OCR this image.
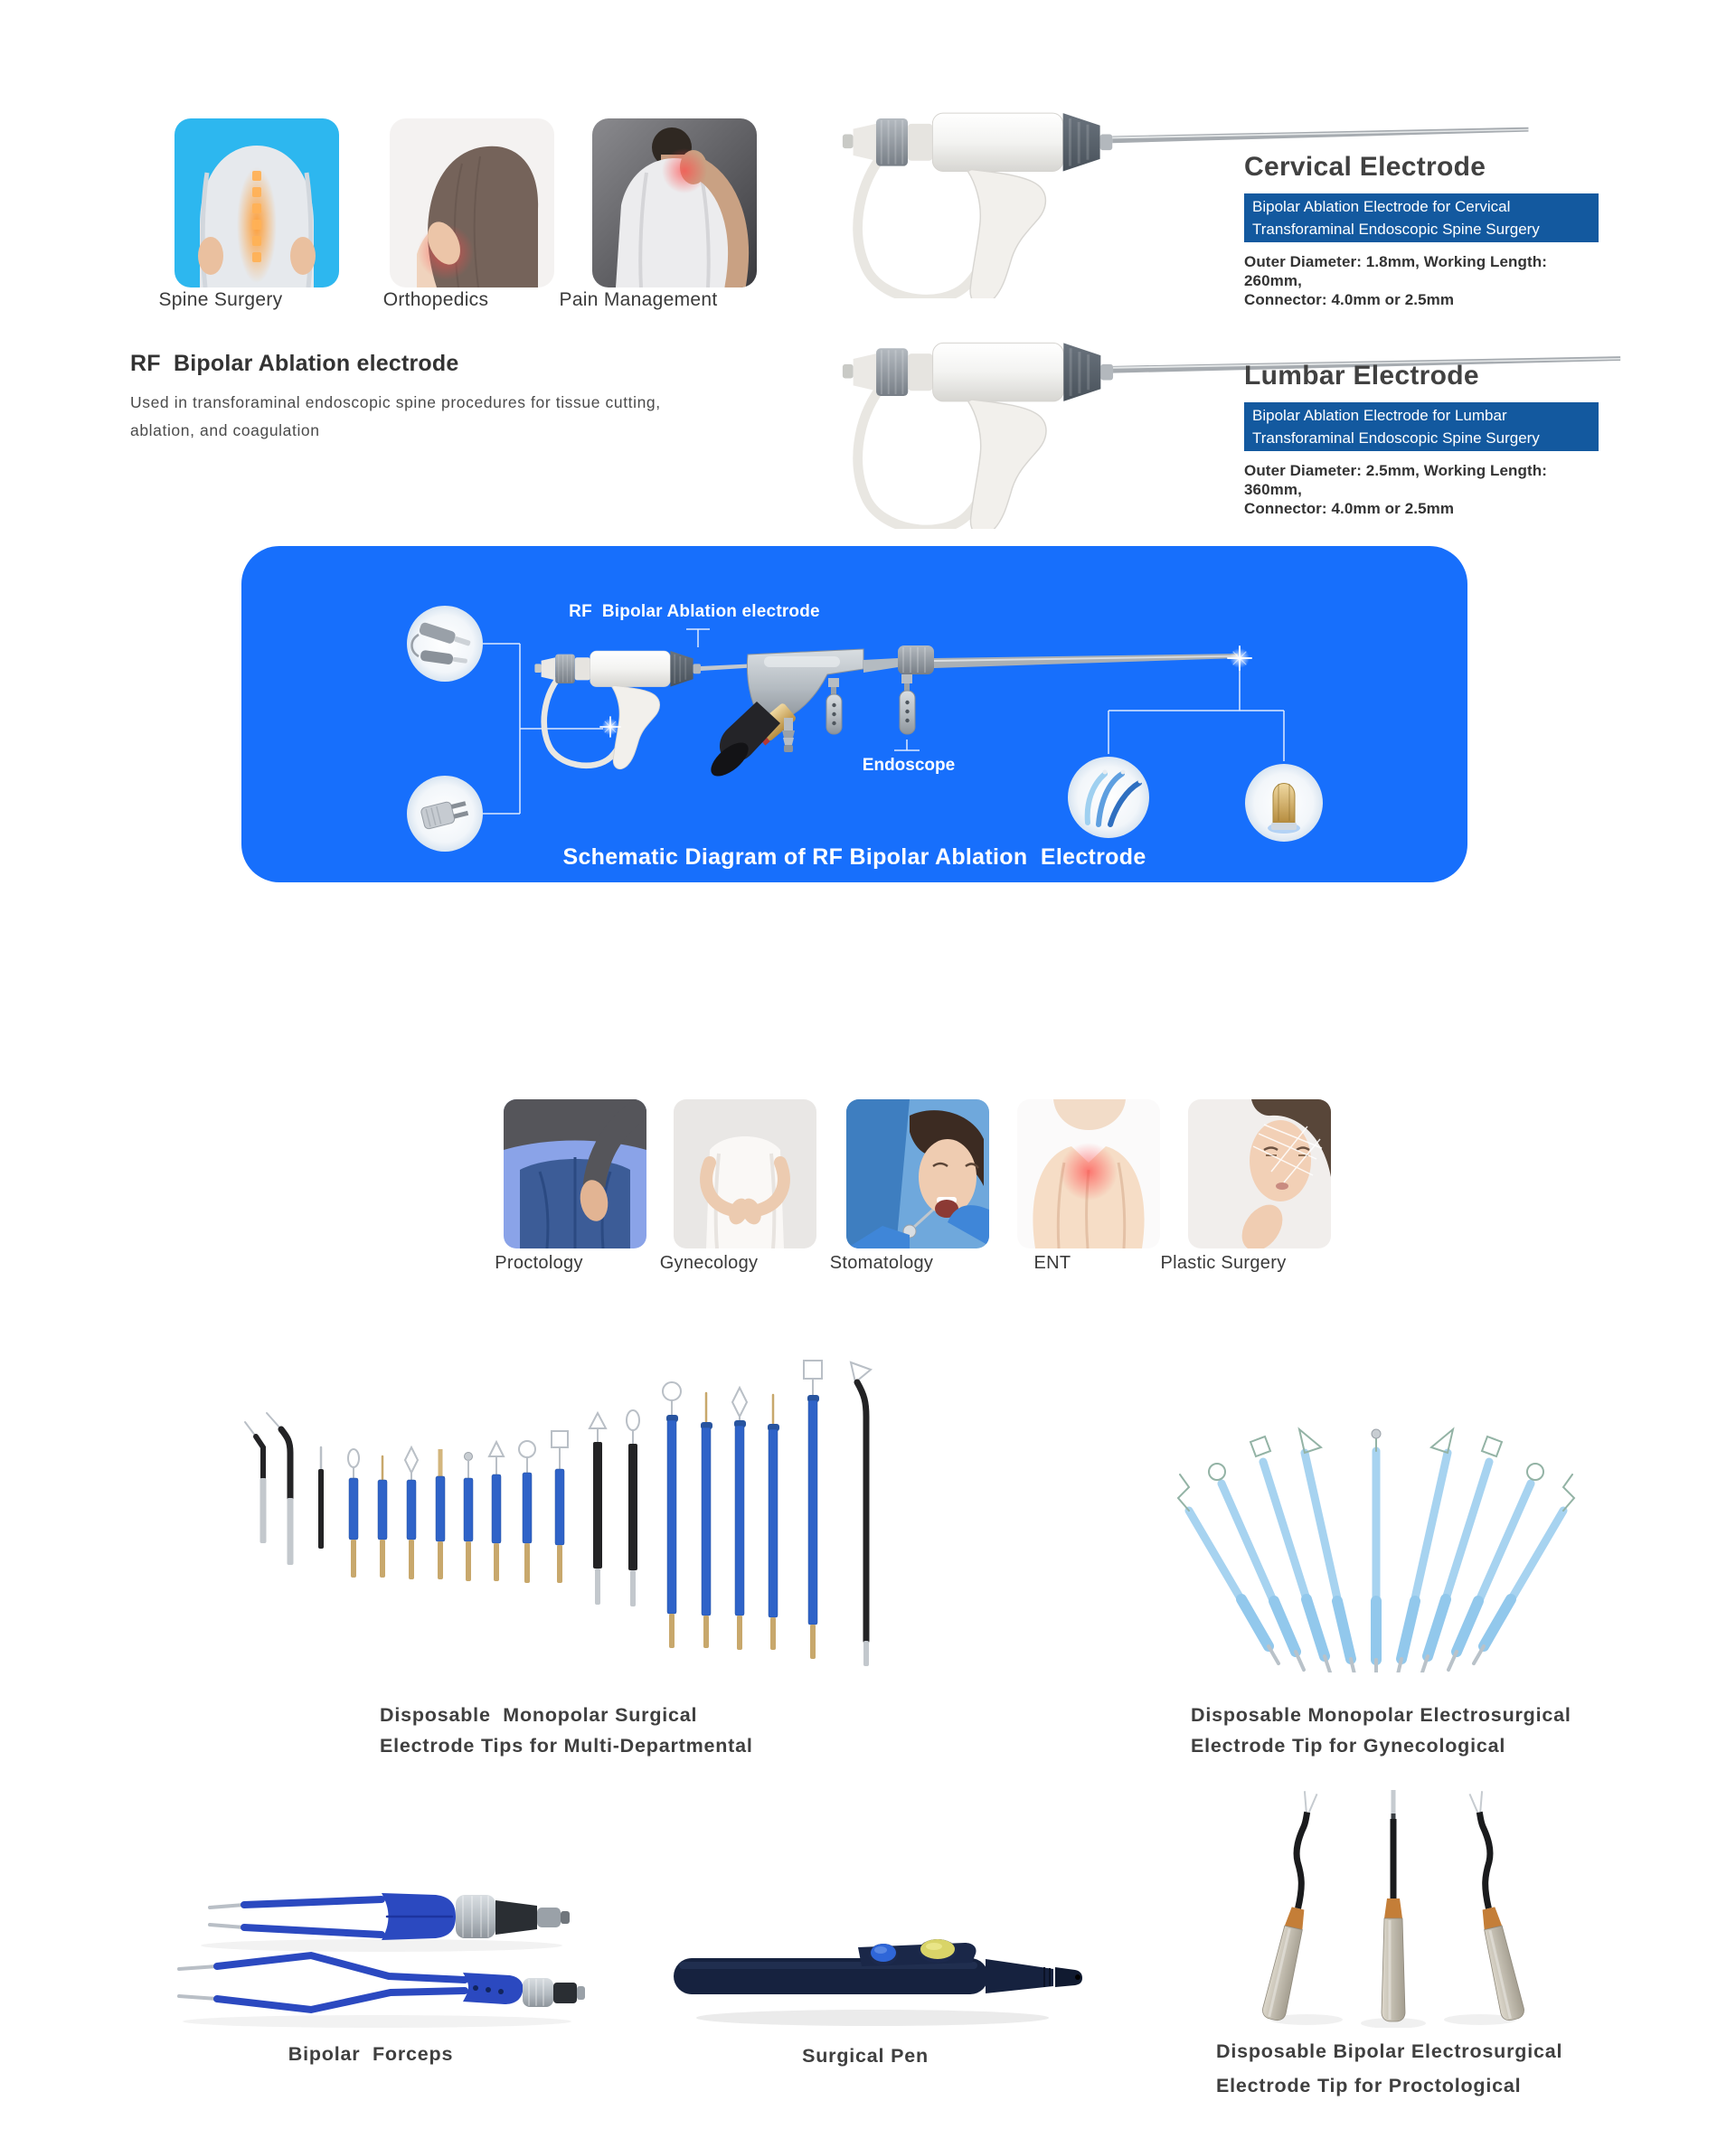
Spine Surgery	Orthopedics	Pain Management
RF  Bipolar Ablation electrode
Used in transforaminal endoscopic spine procedures for tissue cutting,
ablation, and coagulation
Cervical Electrode
Bipolar Ablation Electrode for Cervical
Transforaminal Endoscopic Spine Surgery
Outer Diameter: 1.8mm, Working Length: 260mm,
Connector: 4.0mm or 2.5mm
Lumbar Electrode
Bipolar Ablation Electrode for Lumbar
Transforaminal Endoscopic Spine Surgery
Outer Diameter: 2.5mm, Working Length: 360mm,
Connector: 4.0mm or 2.5mm
RF  Bipolar Ablation electrode
Endoscope
Schematic Diagram of RF Bipolar Ablation  Electrode
Proctology	Gynecology	Stomatology	ENT	Plastic Surgery
Disposable  Monopolar Surgical
Electrode Tips for Multi-Departmental
Disposable Monopolar Electrosurgical
Electrode Tip for Gynecological
Bipolar  Forceps	Surgical Pen	Disposable Bipolar Electrosurgical
Electrode Tip for Proctological
